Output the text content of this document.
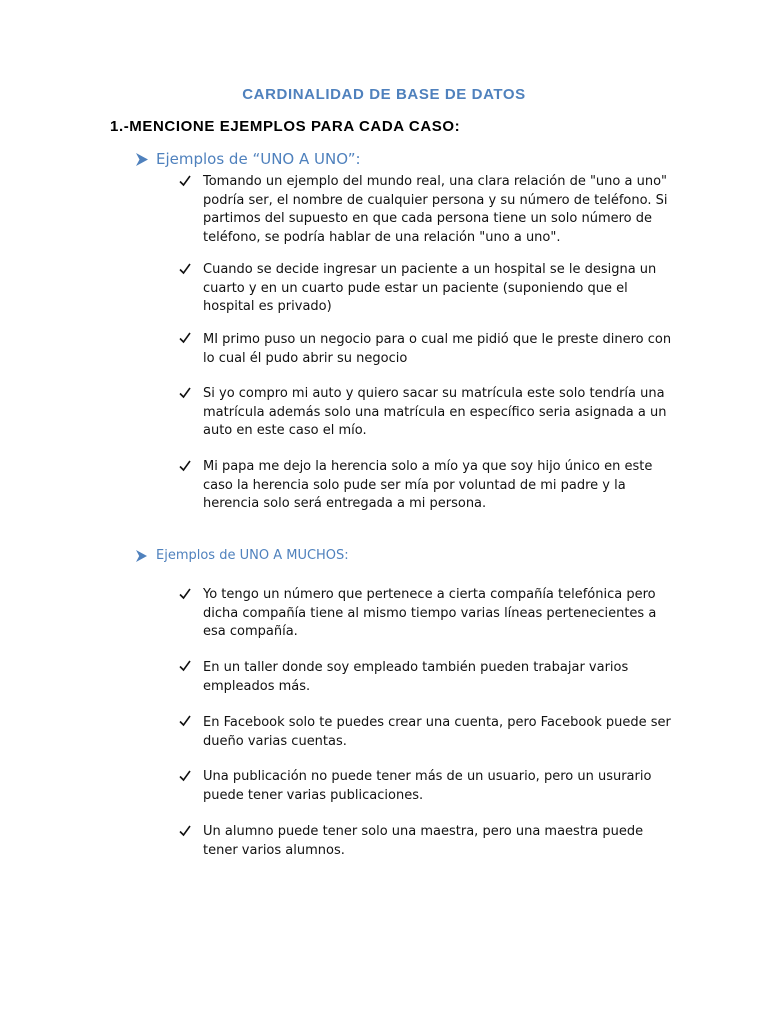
CARDINALIDAD DE BASE DE DATOS
1.-MENCIONE EJEMPLOS PARA CADA CASO:
Ejemplos de “UNO A UNO”:
Tomando un ejemplo del mundo real, una clara relación de "uno a uno" podría ser, el nombre de cualquier persona y su número de teléfono. Si partimos del supuesto en que cada persona tiene un solo número de teléfono, se podría hablar de una relación "uno a uno".
Cuando se decide ingresar un paciente a un hospital se le designa un cuarto y en un cuarto pude estar un paciente (suponiendo que el hospital es privado)
MI primo puso un negocio para o cual me pidió que le preste dinero con lo cual él pudo abrir su negocio
Si yo compro mi auto y quiero sacar su matrícula este solo tendría una matrícula además solo una matrícula en específico seria asignada a un auto en este caso el mío.
Mi papa me dejo la herencia solo a mío ya que soy hijo único en este caso la herencia solo pude ser mía por voluntad de mi padre y la herencia solo será entregada a mi persona.
Ejemplos de UNO A MUCHOS:
Yo tengo un número que pertenece a cierta compañía telefónica pero dicha compañía tiene al mismo tiempo varias líneas pertenecientes a esa compañía.
En un taller donde soy empleado también pueden trabajar varios empleados más.
En Facebook solo te puedes crear una cuenta, pero Facebook puede ser dueño varias cuentas.
Una publicación no puede tener más de un usuario, pero un usurario puede tener varias publicaciones.
Un alumno puede tener solo una maestra, pero una maestra puede tener varios alumnos.
